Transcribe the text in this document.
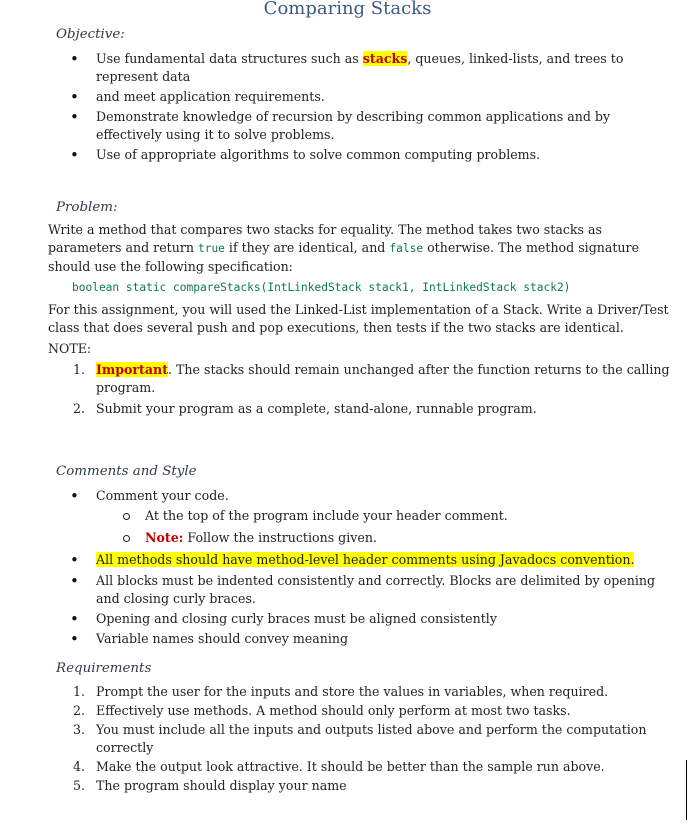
Comparing Stacks
Objective:
• Use fundamental data structures such as stacks, queues, linked-lists, and trees to represent data
• and meet application requirements.
• Demonstrate knowledge of recursion by describing common applications and by effectively using it to solve problems.
• Use of appropriate algorithms to solve common computing problems.
Problem:

Write a method that compares two stacks for equality. The method takes two stacks as parameters and return true if they are identical, and false otherwise. The method signature should use the following specification:

boolean static compareStacks(IntLinkedStack stack1, IntLinkedStack stack2)

For this assignment, you will used the Linked-List implementation of a Stack. Write a Driver/Test class that does several push and pop executions, then tests if the two stacks are identical.

NOTE:

1. Important. The stacks should remain unchanged after the function returns to the calling program.
2. Submit your program as a complete, stand-alone, runnable program.
Comments and Style
• Comment your code.
At the top of the program include your header comment.
Note: Follow the instructions given.
• All methods should have method-level header comments using Javadocs convention.
• All blocks must be indented consistently and correctly. Blocks are delimited by opening and closing curly braces.
• Opening and closing curly braces must be aligned consistently
• Variable names should convey meaning
Requirements
1. Prompt the user for the inputs and store the values in variables, when required.
2. Effectively use methods. A method should only perform at most two tasks.
3. You must include all the inputs and outputs listed above and perform the computation correctly
4. Make the output look attractive. It should be better than the sample run above.
5. The program should display your name
